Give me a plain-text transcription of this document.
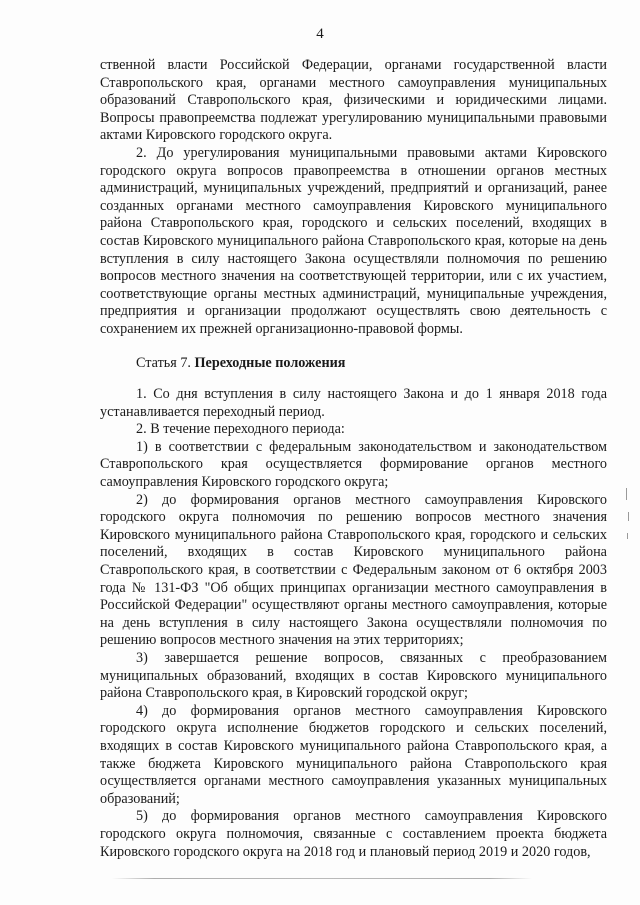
4

ственной власти Российской Федерации, органами государственной власти Ставропольского края, органами местного самоуправления муниципальных образований Ставропольского края, физическими и юридическими лицами. Вопросы правопреемства подлежат урегулированию муниципальными правовыми актами Кировского городского округа.

2. До урегулирования муниципальными правовыми актами Кировского городского округа вопросов правопреемства в отношении органов местных администраций, муниципальных учреждений, предприятий и организаций, ранее созданных органами местного самоуправления Кировского муниципального района Ставропольского края, городского и сельских поселений, входящих в состав Кировского муниципального района Ставропольского края, которые на день вступления в силу настоящего Закона осуществляли полномочия по решению вопросов местного значения на соответствующей территории, или с их участием, соответствующие органы местных администраций, муниципальные учреждения, предприятия и организации продолжают осуществлять свою деятельность с сохранением их прежней организационно-правовой формы.

Статья 7. Переходные положения

1. Со дня вступления в силу настоящего Закона и до 1 января 2018 года устанавливается переходный период.

2. В течение переходного периода:

1) в соответствии с федеральным законодательством и законодательством Ставропольского края осуществляется формирование органов местного самоуправления Кировского городского округа;

2) до формирования органов местного самоуправления Кировского городского округа полномочия по решению вопросов местного значения Кировского муниципального района Ставропольского края, городского и сельских поселений, входящих в состав Кировского муниципального района Ставропольского края, в соответствии с Федеральным законом от 6 октября 2003 года № 131-ФЗ "Об общих принципах организации местного самоуправления в Российской Федерации" осуществляют органы местного самоуправления, которые на день вступления в силу настоящего Закона осуществляли полномочия по решению вопросов местного значения на этих территориях;

3) завершается решение вопросов, связанных с преобразованием муниципальных образований, входящих в состав Кировского муниципального района Ставропольского края, в Кировский городской округ;

4) до формирования органов местного самоуправления Кировского городского округа исполнение бюджетов городского и сельских поселений, входящих в состав Кировского муниципального района Ставропольского края, а также бюджета Кировского муниципального района Ставропольского края осуществляется органами местного самоуправления указанных муниципальных образований;

5) до формирования органов местного самоуправления Кировского городского округа полномочия, связанные с составлением проекта бюджета Кировского городского округа на 2018 год и плановый период 2019 и 2020 годов,
